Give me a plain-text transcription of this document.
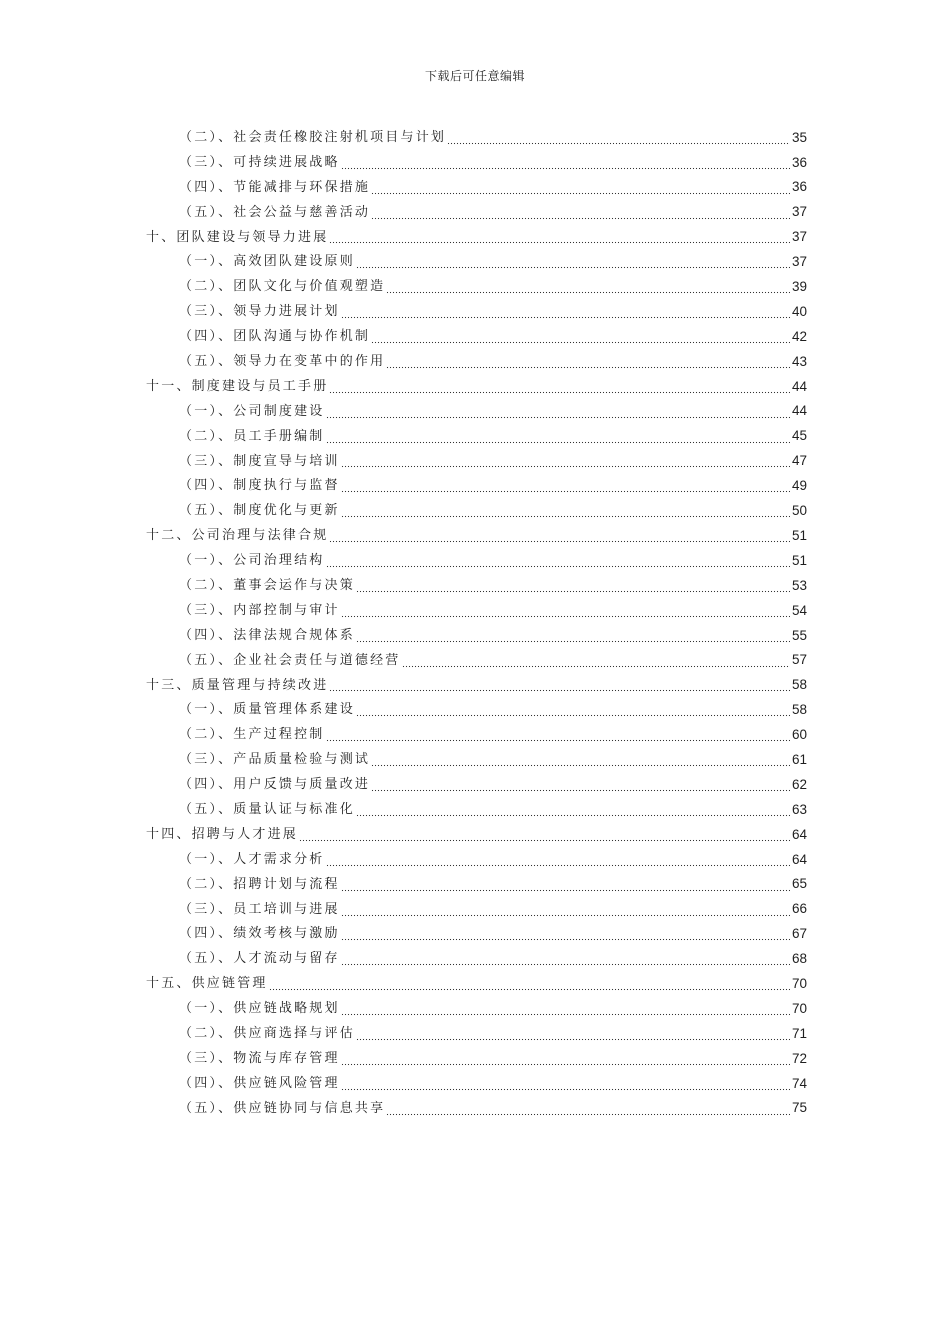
下载后可任意编辑
（二）、社会责任橡胶注射机项目与计划	35
（三）、可持续进展战略	36
（四）、节能减排与环保措施	36
（五）、社会公益与慈善活动	37
十、团队建设与领导力进展	37
（一）、高效团队建设原则	37
（二）、团队文化与价值观塑造	39
（三）、领导力进展计划	40
（四）、团队沟通与协作机制	42
（五）、领导力在变革中的作用	43
十一、制度建设与员工手册	44
（一）、公司制度建设	44
（二）、员工手册编制	45
（三）、制度宣导与培训	47
（四）、制度执行与监督	49
（五）、制度优化与更新	50
十二、公司治理与法律合规	51
（一）、公司治理结构	51
（二）、董事会运作与决策	53
（三）、内部控制与审计	54
（四）、法律法规合规体系	55
（五）、企业社会责任与道德经营	57
十三、质量管理与持续改进	58
（一）、质量管理体系建设	58
（二）、生产过程控制	60
（三）、产品质量检验与测试	61
（四）、用户反馈与质量改进	62
（五）、质量认证与标准化	63
十四、招聘与人才进展	64
（一）、人才需求分析	64
（二）、招聘计划与流程	65
（三）、员工培训与进展	66
（四）、绩效考核与激励	67
（五）、人才流动与留存	68
十五、供应链管理	70
（一）、供应链战略规划	70
（二）、供应商选择与评估	71
（三）、物流与库存管理	72
（四）、供应链风险管理	74
（五）、供应链协同与信息共享	75
